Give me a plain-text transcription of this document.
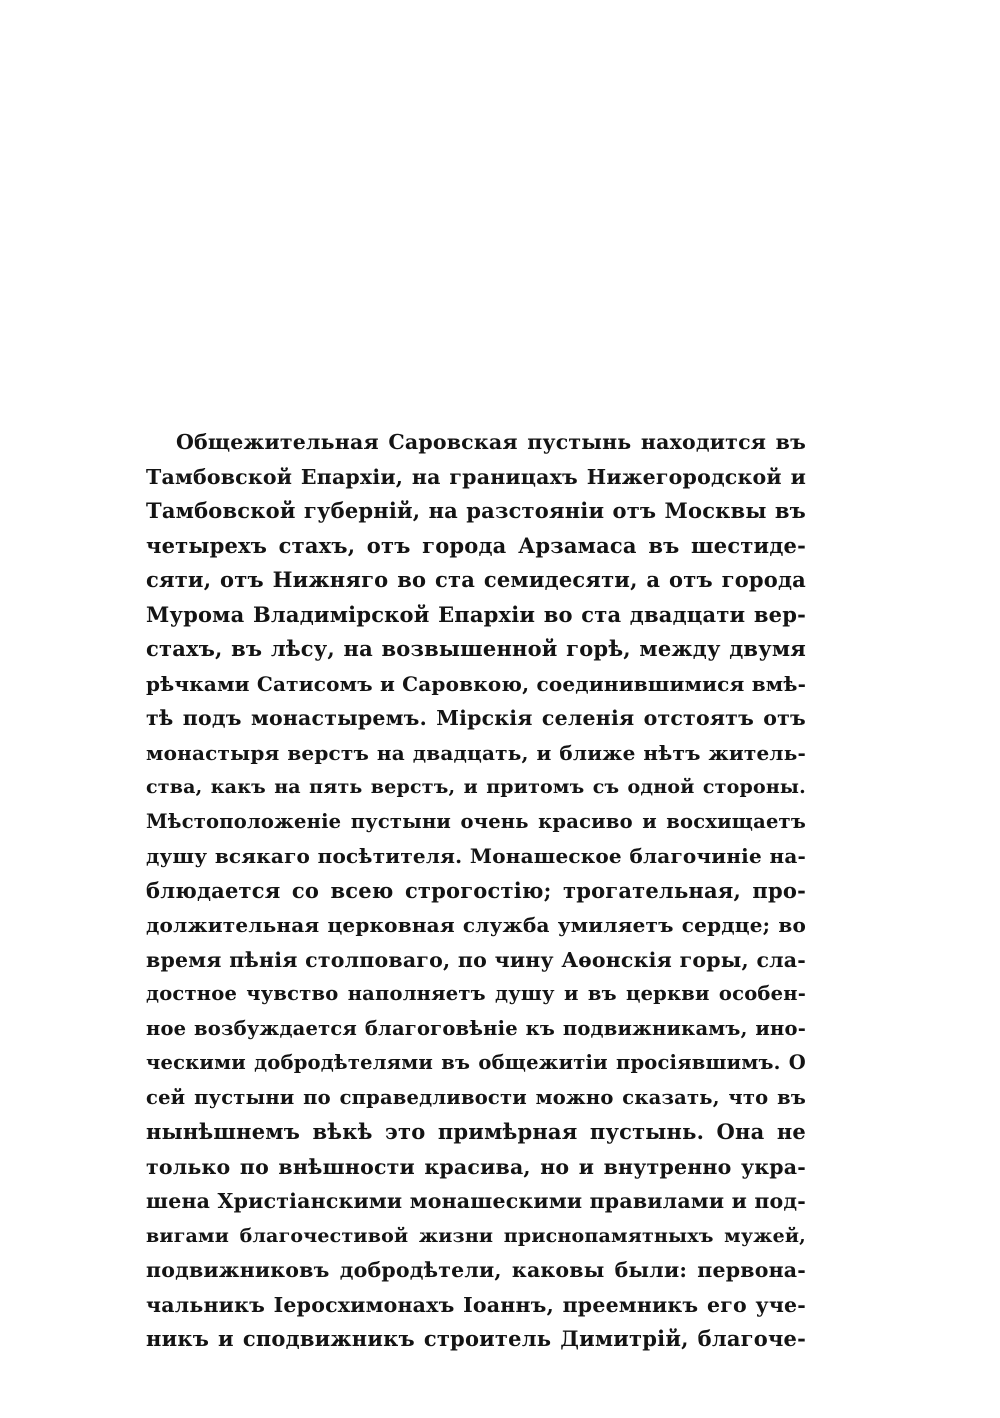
Общежительная Саровская пустынь находится въ
Тамбовской Епархіи, на границахъ Нижегородской и
Тамбовской губерній, на разстояніи отъ Москвы въ
четырехъ стахъ, отъ города Арзамаса въ шестиде-
сяти, отъ Нижняго во ста семидесяти, а отъ города
Мурома Владимірской Епархіи во ста двадцати вер-
стахъ, въ лѣсу, на возвышенной горѣ, между двумя
рѣчками Сатисомъ и Саровкою, соединившимися вмѣ-
тѣ подъ монастыремъ. Мірскія селенія отстоятъ отъ
монастыря верстъ на двадцать, и ближе нѣтъ житель-
ства, какъ на пять верстъ, и притомъ съ одной стороны.
Мѣстоположеніе пустыни очень красиво и восхищаетъ
душу всякаго посѣтителя. Монашеское благочиніе на-
блюдается со всею строгостію; трогательная, про-
должительная церковная служба умиляетъ сердце; во
время пѣнія столповаго, по чину Аѳонскія горы, сла-
достное чувство наполняетъ душу и въ церкви особен-
ное возбуждается благоговѣніе къ подвижникамъ, ино-
ческими добродѣтелями въ общежитіи просіявшимъ. О
сей пустыни по справедливости можно сказать, что въ
нынѣшнемъ вѣкѣ это примѣрная пустынь. Она не
только по внѣшности красива, но и внутренно укра-
шена Христіанскими монашескими правилами и под-
вигами благочестивой жизни приснопамятныхъ мужей,
подвижниковъ добродѣтели, каковы были: первона-
чальникъ Іеросхимонахъ Іоаннъ, преемникъ его уче-
никъ и сподвижникъ строитель Димитрій, благоче-
